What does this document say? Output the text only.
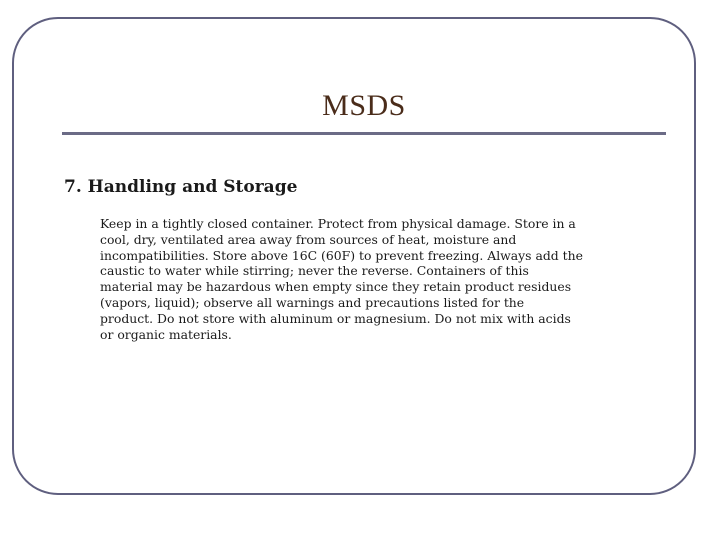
MSDS
7. Handling and Storage
Keep in a tightly closed container. Protect from physical damage. Store in a
cool, dry, ventilated area away from sources of heat, moisture and
incompatibilities. Store above 16C (60F) to prevent freezing. Always add the
caustic to water while stirring; never the reverse. Containers of this
material may be hazardous when empty since they retain product residues
(vapors, liquid); observe all warnings and precautions listed for the
product. Do not store with aluminum or magnesium. Do not mix with acids
or organic materials.
